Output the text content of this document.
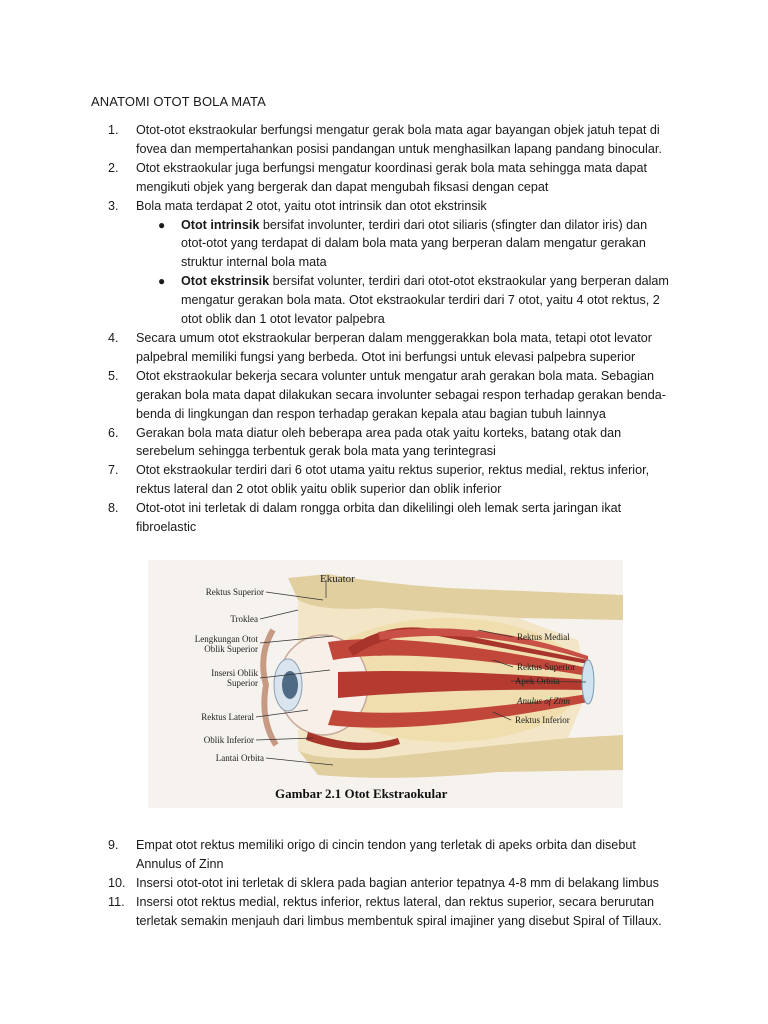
ANATOMI OTOT BOLA MATA
1.	Otot-otot ekstraokular berfungsi mengatur gerak bola mata agar bayangan objek jatuh tepat di
fovea dan mempertahankan posisi pandangan untuk menghasilkan lapang pandang binocular.
2.	Otot ekstraokular juga berfungsi mengatur koordinasi gerak bola mata sehingga mata dapat
mengikuti objek yang bergerak dan dapat mengubah fiksasi dengan cepat
3.	Bola mata terdapat 2 otot, yaitu otot intrinsik dan otot ekstrinsik
● Otot intrinsik bersifat involunter, terdiri dari otot siliaris (sfingter dan dilator iris) dan
otot-otot yang terdapat di dalam bola mata yang berperan dalam mengatur gerakan
struktur internal bola mata
● Otot ekstrinsik bersifat volunter, terdiri dari otot-otot ekstraokular yang berperan dalam
mengatur gerakan bola mata. Otot ekstraokular terdiri dari 7 otot, yaitu 4 otot rektus, 2
otot oblik dan 1 otot levator palpebra
4.	Secara umum otot ekstraokular berperan dalam menggerakkan bola mata, tetapi otot levator
palpebral memiliki fungsi yang berbeda. Otot ini berfungsi untuk elevasi palpebra superior
5.	Otot ekstraokular bekerja secara volunter untuk mengatur arah gerakan bola mata. Sebagian
gerakan bola mata dapat dilakukan secara involunter sebagai respon terhadap gerakan benda-
benda di lingkungan dan respon terhadap gerakan kepala atau bagian tubuh lainnya
6.	Gerakan bola mata diatur oleh beberapa area pada otak yaitu korteks, batang otak dan
serebelum sehingga terbentuk gerak bola mata yang terintegrasi
7.	Otot ekstraokular terdiri dari 6 otot utama yaitu rektus superior, rektus medial, rektus inferior,
rektus lateral dan 2 otot oblik yaitu oblik superior dan oblik inferior
8.	Otot-otot ini terletak di dalam rongga orbita dan dikelilingi oleh lemak serta jaringan ikat
fibroelastic
Ekuator
Rektus Superior
Troklea
Lengkungan Otot
Oblik Superior
Insersi Oblik
Superior
Rektus Lateral
Oblik Inferior
Lantai Orbita
Rektus Medial
Rektus Superior
Apek Orbita
Anulus of Zinn
Rektus Inferior
Gambar 2.1 Otot Ekstraokular
9.	Empat otot rektus memiliki origo di cincin tendon yang terletak di apeks orbita dan disebut
Annulus of Zinn
10. Insersi otot-otot ini terletak di sklera pada bagian anterior tepatnya 4-8 mm di belakang limbus
11. Insersi otot rektus medial, rektus inferior, rektus lateral, dan rektus superior, secara berurutan
terletak semakin menjauh dari limbus membentuk spiral imajiner yang disebut Spiral of Tillaux.
